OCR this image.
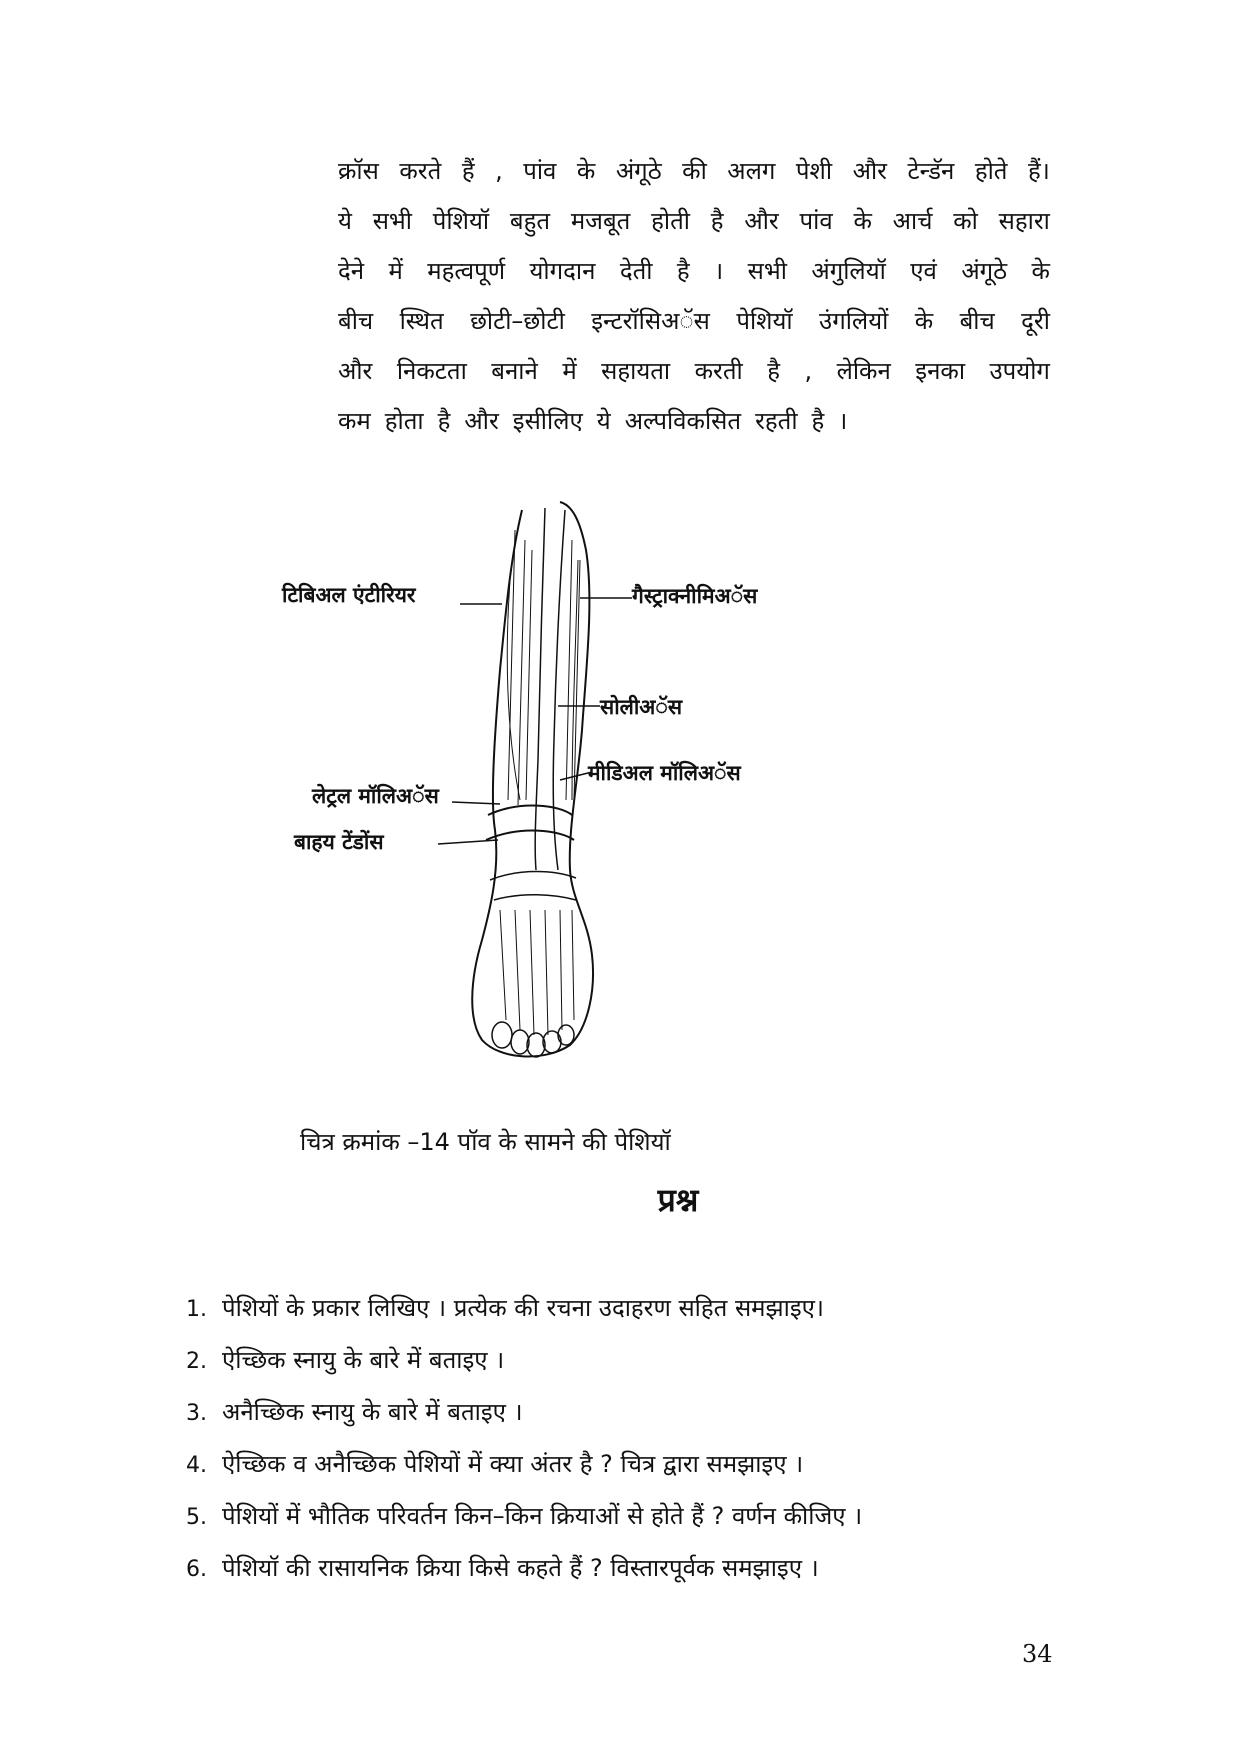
क्रॉस करते हैं , पांव के अंगूठे की अलग पेशी और टेन्डॅन होते हैं।
ये सभी पेशियॉ बहुत मजबूत होती है और पांव के आर्च को सहारा
देने में महत्वपूर्ण योगदान देती है । सभी अंगुलियॉ एवं अंगूठे के
बीच स्थित छोटी–छोटी इन्टरॉसिअॅस पेशियॉ उंगलियों के बीच दूरी
और निकटता बनाने में सहायता करती है , लेकिन इनका उपयोग
कम होता है और इसीलिए ये अल्पविकसित रहती है ।
टिबिअल एंटीरियर	गैस्ट्राक्नीमिअॅस
सोलीअॅस
मीडिअल मॉलिअॅस
लेट्रल मॉलिअॅस
बाहय टेंडोंस
चित्र क्रमांक –14 पॉव के सामने की पेशियॉ
प्रश्न
1. पेशियों के प्रकार लिखिए । प्रत्येक की रचना उदाहरण सहित समझाइए।
2. ऐच्छिक स्नायु के बारे में बताइए ।
3. अनैच्छिक स्नायु के बारे में बताइए ।
4. ऐच्छिक व अनैच्छिक पेशियों में क्या अंतर है ? चित्र द्वारा समझाइए ।
5. पेशियों में भौतिक परिवर्तन किन–किन क्रियाओं से होते हैं ? वर्णन कीजिए ।
6. पेशियॉ की रासायनिक क्रिया किसे कहते हैं ? विस्तारपूर्वक समझाइए ।
34
